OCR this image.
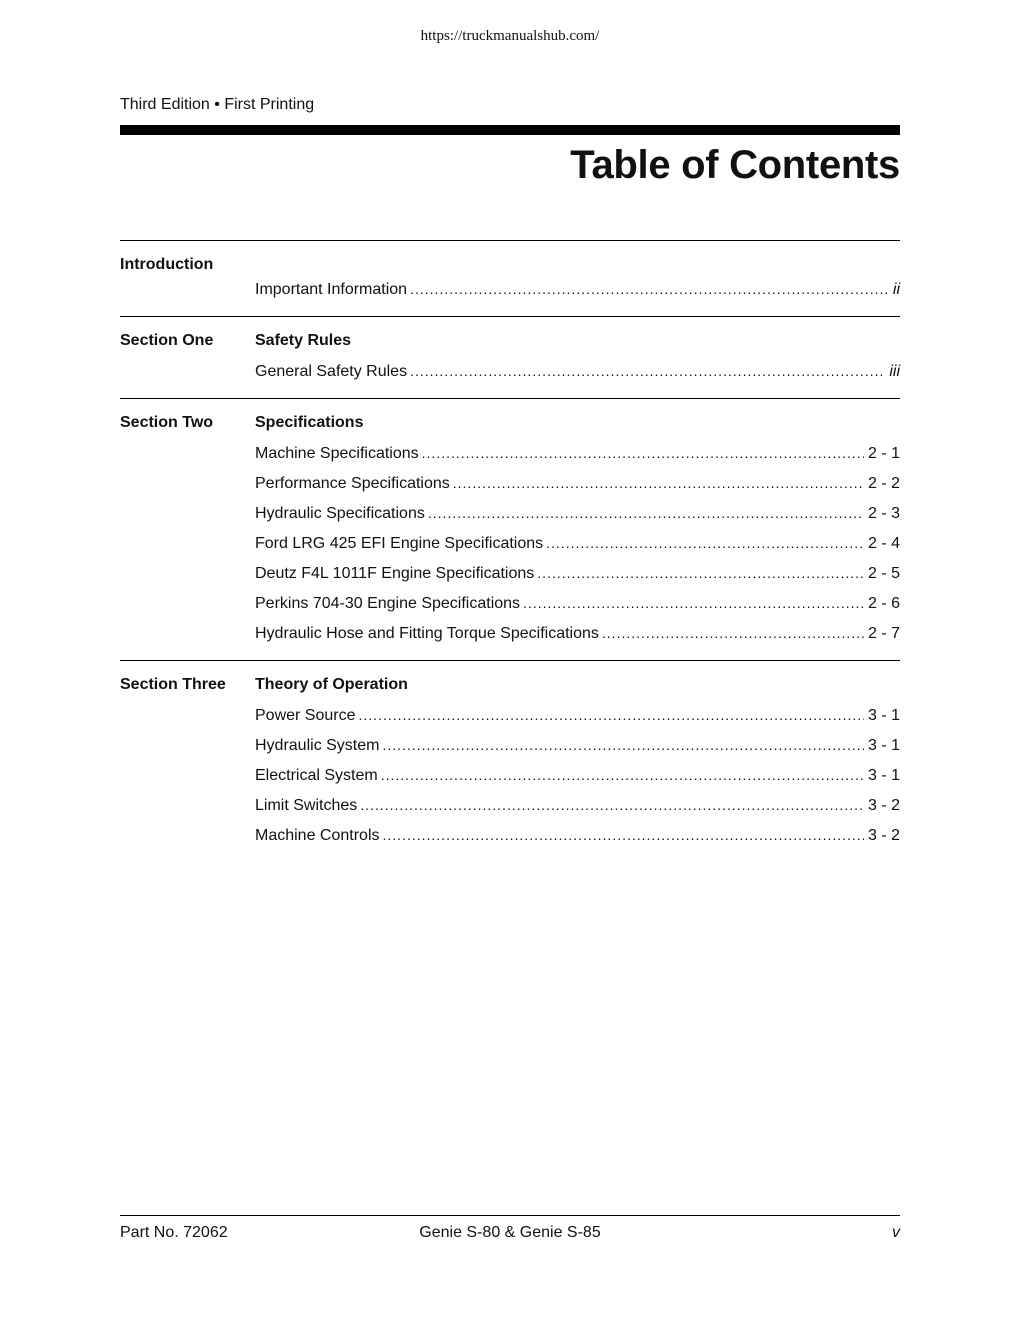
https://truckmanualshub.com/
Third Edition • First Printing
Table of Contents
Introduction
Important Information .....	ii
Section One	Safety Rules
General Safety Rules .....	iii
Section Two	Specifications
Machine Specifications .....	2 - 1
Performance Specifications .....	2 - 2
Hydraulic Specifications .....	2 - 3
Ford LRG 425 EFI Engine Specifications .....	2 - 4
Deutz F4L 1011F Engine Specifications .....	2 - 5
Perkins 704-30 Engine Specifications .....	2 - 6
Hydraulic Hose and Fitting Torque Specifications .....	2 - 7
Section Three Theory of Operation
Power Source .....	3 - 1
Hydraulic System .....	3 - 1
Electrical System .....	3 - 1
Limit Switches .....	3 - 2
Machine Controls .....	3 - 2
Part No. 72062	Genie S-80 & Genie S-85	v
